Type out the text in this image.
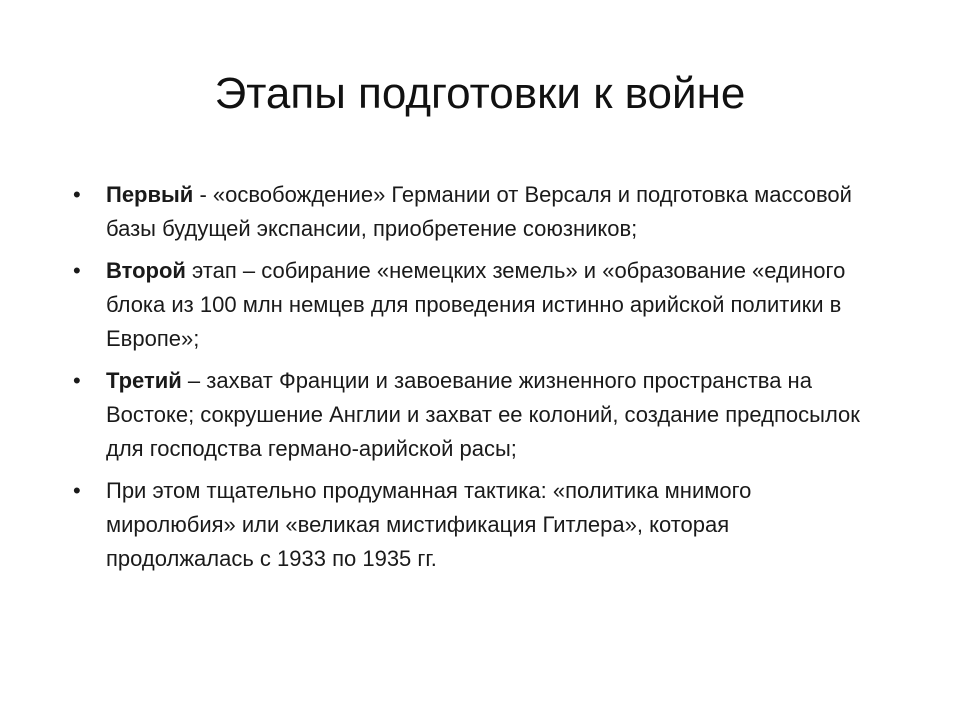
Этапы подготовки к войне
• Первый - «освобождение» Германии от Версаля и подготовка массовой базы будущей экспансии, приобретение союзников;
• Второй этап – собирание «немецких земель» и «образование «единого блока из 100 млн немцев для проведения истинно арийской политики в Европе»;
• Третий – захват Франции и завоевание жизненного пространства на Востоке; сокрушение Англии и захват ее колоний, создание предпосылок для господства германо-арийской расы;
• При этом тщательно продуманная тактика: «политика мнимого миролюбия» или «великая мистификация Гитлера», которая продолжалась с 1933 по 1935 гг.
